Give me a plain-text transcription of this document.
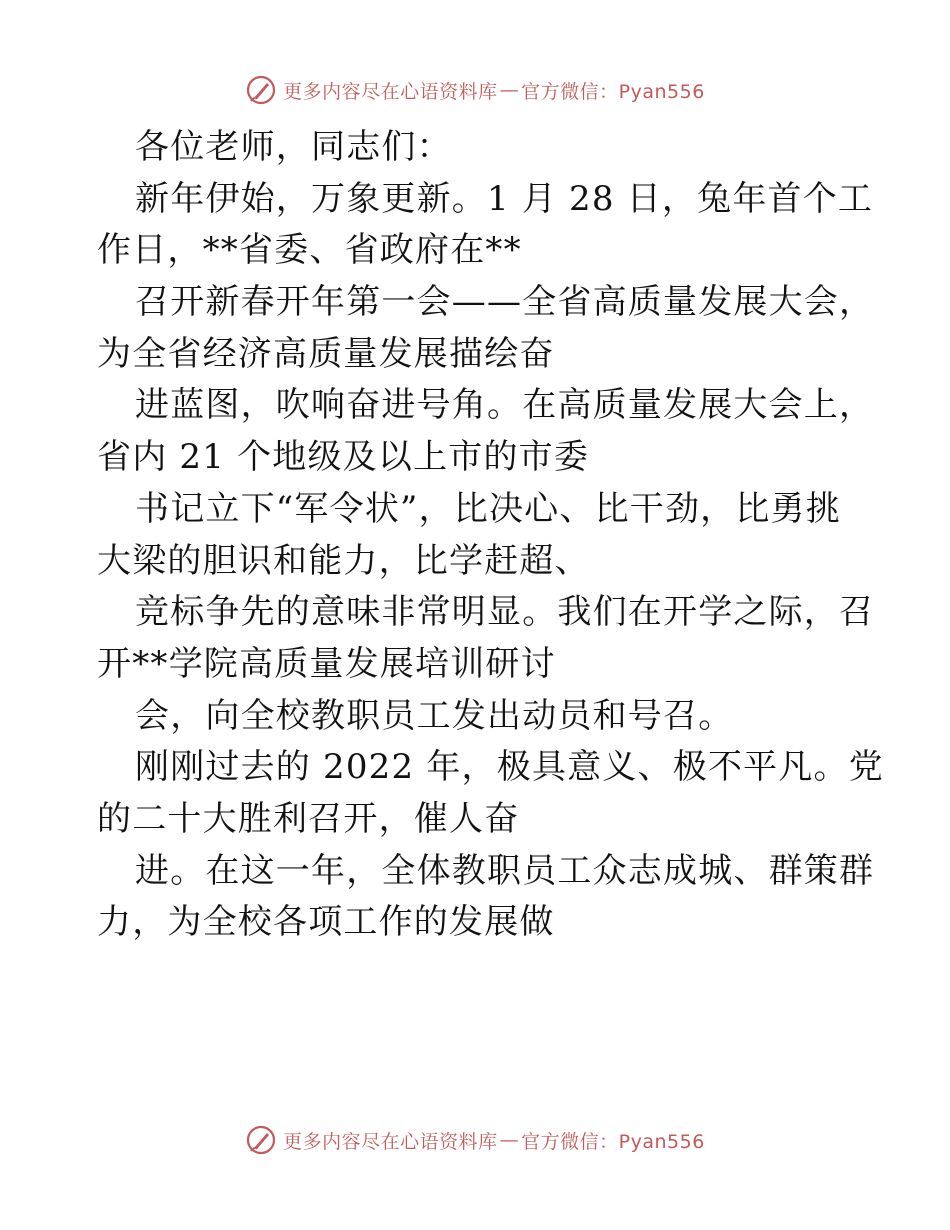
更多内容尽在心语资料库 — 官方微信：Pyan556
各位老师，同志们：
新年伊始，万象更新。1 月 28 日，兔年首个工
作日，**省委、省政府在**
召开新春开年第一会——全省高质量发展大会，
为全省经济高质量发展描绘奋
进蓝图，吹响奋进号角。在高质量发展大会上，
省内 21 个地级及以上市的市委
书记立下“军令状”，比决心、比干劲，比勇挑
大梁的胆识和能力，比学赶超、
竞标争先的意味非常明显。我们在开学之际，召
开**学院高质量发展培训研讨
会，向全校教职员工发出动员和号召。
刚刚过去的 2022 年，极具意义、极不平凡。党
的二十大胜利召开，催人奋
进。在这一年，全体教职员工众志成城、群策群
力，为全校各项工作的发展做
更多内容尽在心语资料库 — 官方微信：Pyan556
